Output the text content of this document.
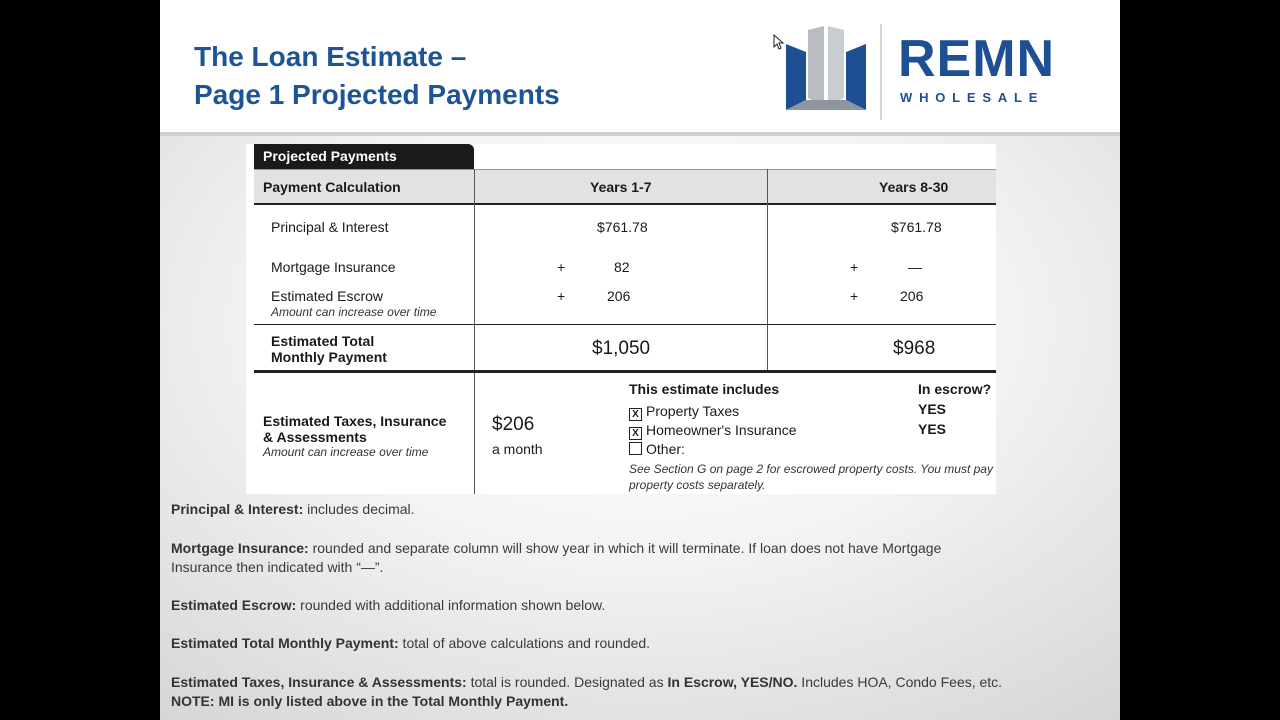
The Loan Estimate –
Page 1 Projected Payments
REMN
WHOLESALE
Projected Payments
Payment Calculation	Years 1-7	Years 8-30
Principal & Interest	$761.78	$761.78
Mortgage Insurance	+	82	+	—
Estimated Escrow
Amount can increase over time
+	206	+	206
Estimated Total
Monthly Payment	$1,050	$968
Estimated Taxes, Insurance
& Assessments
Amount can increase over time
$206
a month
This estimate includes	In escrow?
X Property Taxes	YES
X Homeowner's Insurance	YES
Other:
See Section G on page 2 for escrowed property costs. You must pay
property costs separately.
Principal & Interest: includes decimal.
Mortgage Insurance: rounded and separate column will show year in which it will terminate. If loan does not have Mortgage
Insurance then indicated with “—”.
Estimated Escrow: rounded with additional information shown below.
Estimated Total Monthly Payment: total of above calculations and rounded.
Estimated Taxes, Insurance & Assessments: total is rounded. Designated as In Escrow, YES/NO. Includes HOA, Condo Fees, etc.
NOTE: MI is only listed above in the Total Monthly Payment.
